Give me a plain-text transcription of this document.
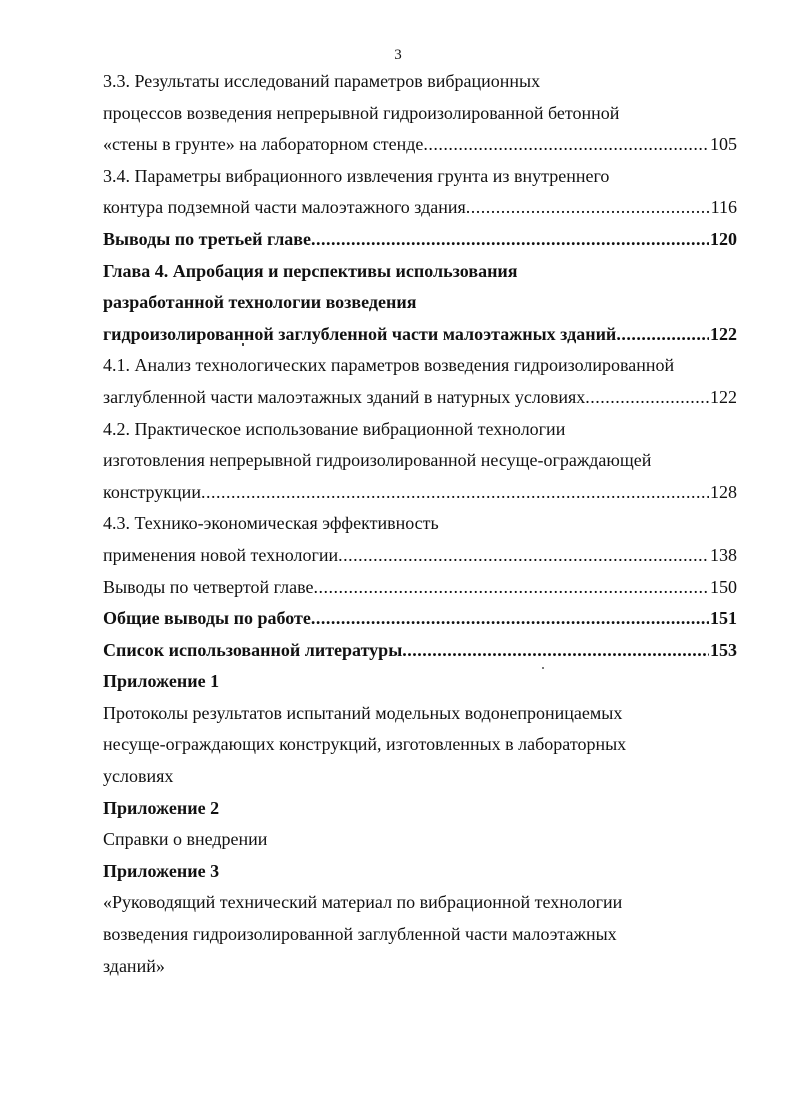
3
3.3. Результаты исследований параметров вибрационных
процессов возведения непрерывной гидроизолированной бетонной
«стены в грунте» на лабораторном стенде .....	105
3.4. Параметры вибрационного извлечения грунта из внутреннего
контура подземной части малоэтажного здания .....	116
Выводы по третьей главе .....	120
Глава 4. Апробация и перспективы использования
разработанной технологии возведения
гидроизолированной заглубленной части малоэтажных зданий .....	122
4.1. Анализ технологических параметров возведения гидроизолированной
заглубленной части малоэтажных зданий в натурных условиях .....	122
4.2. Практическое использование вибрационной технологии
изготовления непрерывной гидроизолированной несуще-ограждающей
конструкции .....	128
4.3. Технико-экономическая эффективность
применения новой технологии .....	138
Выводы по четвертой главе .....	150
Общие выводы по работе .....	151
Список использованной литературы .....	153
Приложение 1
Протоколы результатов испытаний модельных водонепроницаемых
несуще-ограждающих конструкций, изготовленных в лабораторных
условиях
Приложение 2
Справки о внедрении
Приложение 3
«Руководящий технический материал по вибрационной технологии
возведения гидроизолированной заглубленной части малоэтажных
зданий»
